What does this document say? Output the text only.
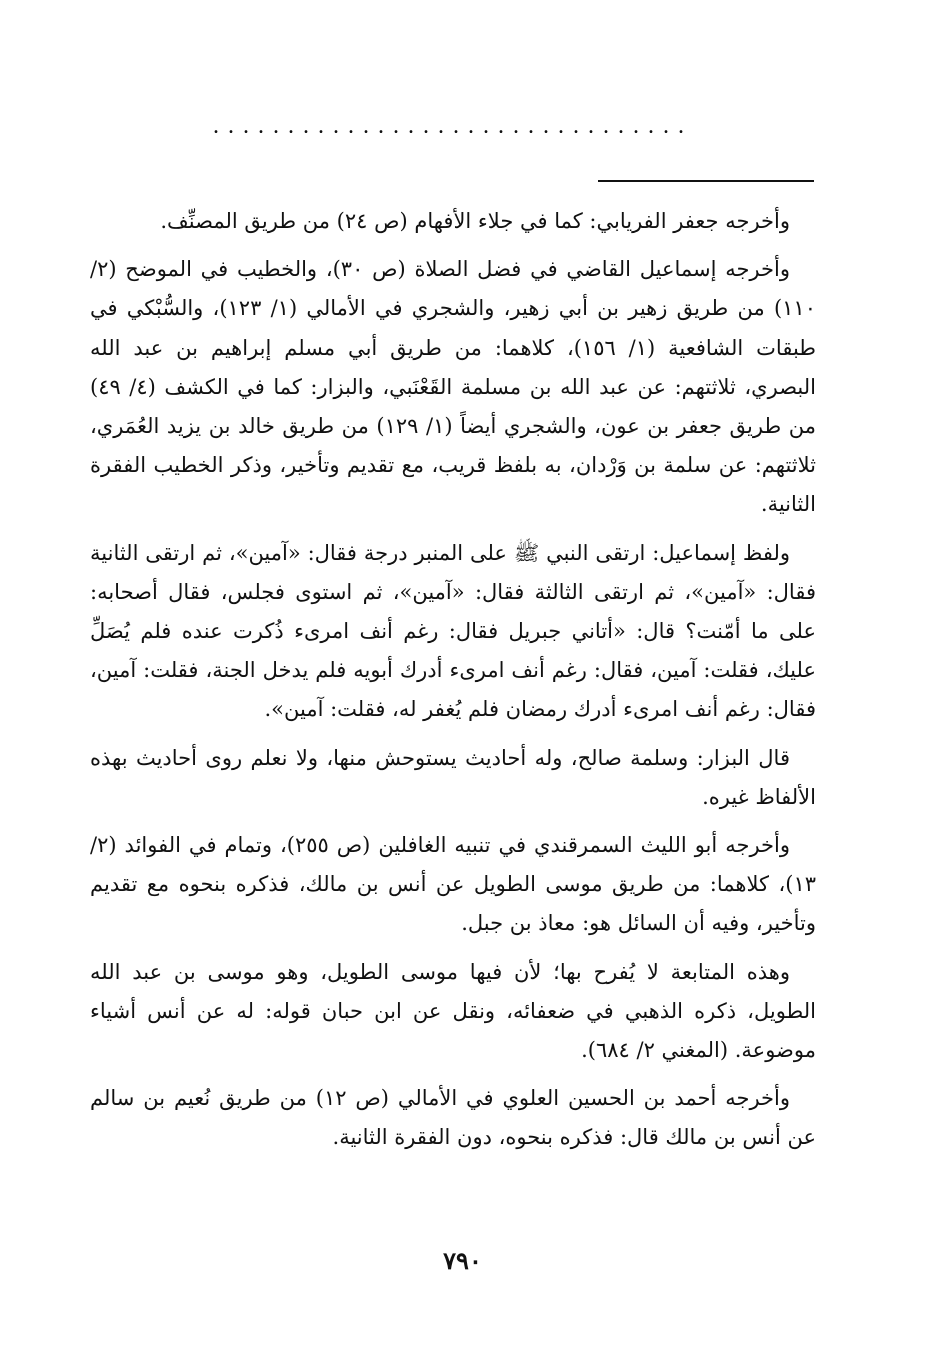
................................

وأخرجه جعفر الفريابي: كما في جلاء الأفهام (ص ٢٤) من طريق المصنِّف.

وأخرجه إسماعيل القاضي في فضل الصلاة (ص ٣٠)، والخطيب في الموضح (٢/ ١١٠) من طريق زهير بن أبي زهير، والشجري في الأمالي (١/ ١٢٣)، والسُّبْكي في طبقات الشافعية (١/ ١٥٦)، كلاهما: من طريق أبي مسلم إبراهيم بن عبد الله البصري، ثلاثتهم: عن عبد الله بن مسلمة القَعْنَبي، والبزار: كما في الكشف (٤/ ٤٩) من طريق جعفر بن عون، والشجري أيضاً (١/ ١٢٩) من طريق خالد بن يزيد العُمَري، ثلاثتهم: عن سلمة بن وَرْدان، به بلفظ قريب، مع تقديم وتأخير، وذكر الخطيب الفقرة الثانية.

ولفظ إسماعيل: ارتقى النبي ﷺ على المنبر درجة فقال: «آمين»، ثم ارتقى الثانية فقال: «آمين»، ثم ارتقى الثالثة فقال: «آمين»، ثم استوى فجلس، فقال أصحابه: على ما أمّنت؟ قال: «أتاني جبريل فقال: رغم أنف امرىء ذُكرت عنده فلم يُصَلِّ عليك، فقلت: آمين، فقال: رغم أنف امرىء أدرك أبويه فلم يدخل الجنة، فقلت: آمين، فقال: رغم أنف امرىء أدرك رمضان فلم يُغفر له، فقلت: آمين».

قال البزار: وسلمة صالح، وله أحاديث يستوحش منها، ولا نعلم روى أحاديث بهذه الألفاظ غيره.

وأخرجه أبو الليث السمرقندي في تنبيه الغافلين (ص ٢٥٥)، وتمام في الفوائد (٢/ ١٣)، كلاهما: من طريق موسى الطويل عن أنس بن مالك، فذكره بنحوه مع تقديم وتأخير، وفيه أن السائل هو: معاذ بن جبل.

وهذه المتابعة لا يُفرح بها؛ لأن فيها موسى الطويل، وهو موسى بن عبد الله الطويل، ذكره الذهبي في ضعفائه، ونقل عن ابن حبان قوله: له عن أنس أشياء موضوعة. (المغني ٢/ ٦٨٤).

وأخرجه أحمد بن الحسين العلوي في الأمالي (ص ١٢) من طريق نُعيم بن سالم عن أنس بن مالك قال: فذكره بنحوه، دون الفقرة الثانية.

٧٩٠
